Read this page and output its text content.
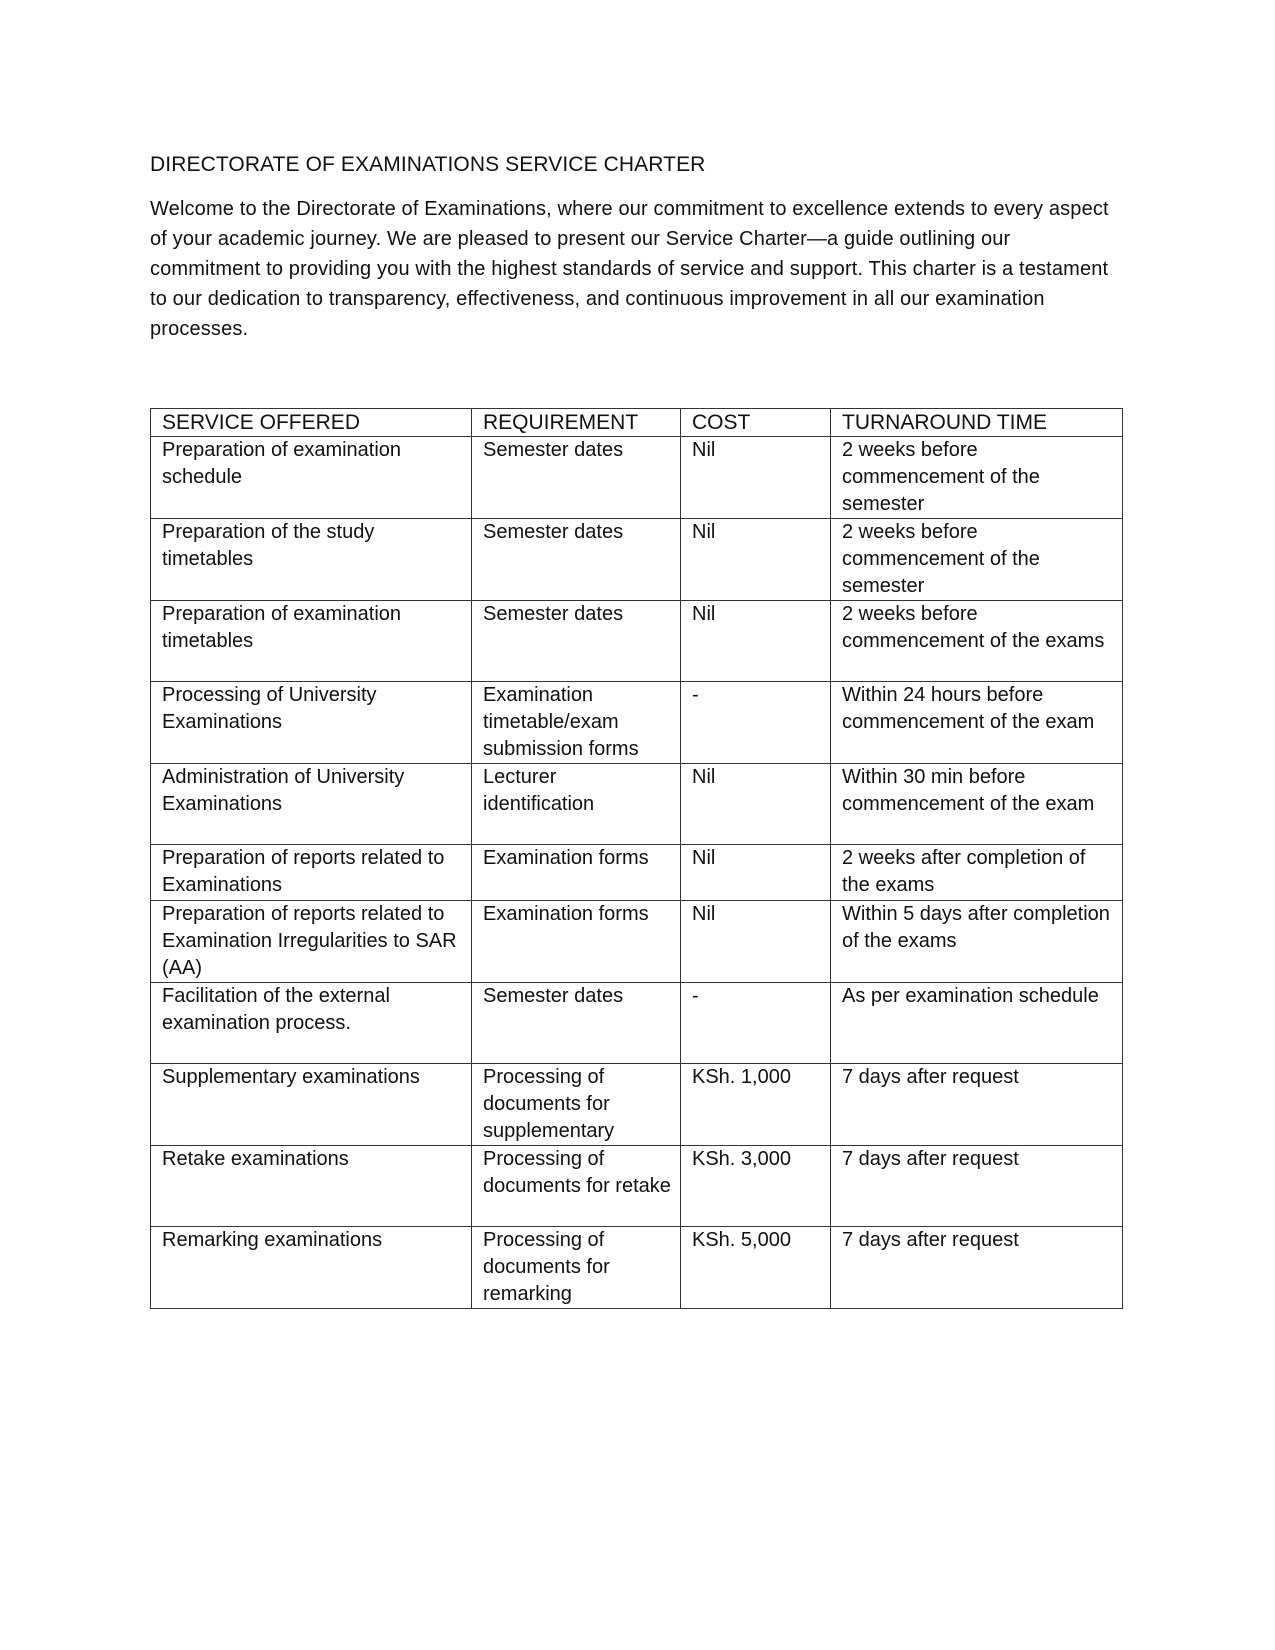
DIRECTORATE OF EXAMINATIONS SERVICE CHARTER

Welcome to the Directorate of Examinations, where our commitment to excellence extends to every aspect of your academic journey. We are pleased to present our Service Charter—a guide outlining our commitment to providing you with the highest standards of service and support. This charter is a testament to our dedication to transparency, effectiveness, and continuous improvement in all our examination processes.

SERVICE OFFERED	REQUIREMENT	COST	TURNAROUND TIME
Preparation of examination schedule	Semester dates	Nil	2 weeks before commencement of the semester
Preparation of the study timetables	Semester dates	Nil	2 weeks before commencement of the semester
Preparation of examination timetables	Semester dates	Nil	2 weeks before commencement of the exams
Processing of University Examinations	Examination timetable/exam submission forms	-	Within 24 hours before commencement of the exam
Administration of University Examinations	Lecturer identification	Nil	Within 30 min before commencement of the exam
Preparation of reports related to Examinations	Examination forms	Nil	2 weeks after completion of the exams
Preparation of reports related to Examination Irregularities to SAR (AA)	Examination forms	Nil	Within 5 days after completion of the exams
Facilitation of the external examination process.	Semester dates	-	As per examination schedule
Supplementary examinations	Processing of documents for supplementary	KSh. 1,000	7 days after request
Retake examinations	Processing of documents for retake	KSh. 3,000	7 days after request
Remarking examinations	Processing of documents for remarking	KSh. 5,000	7 days after request
